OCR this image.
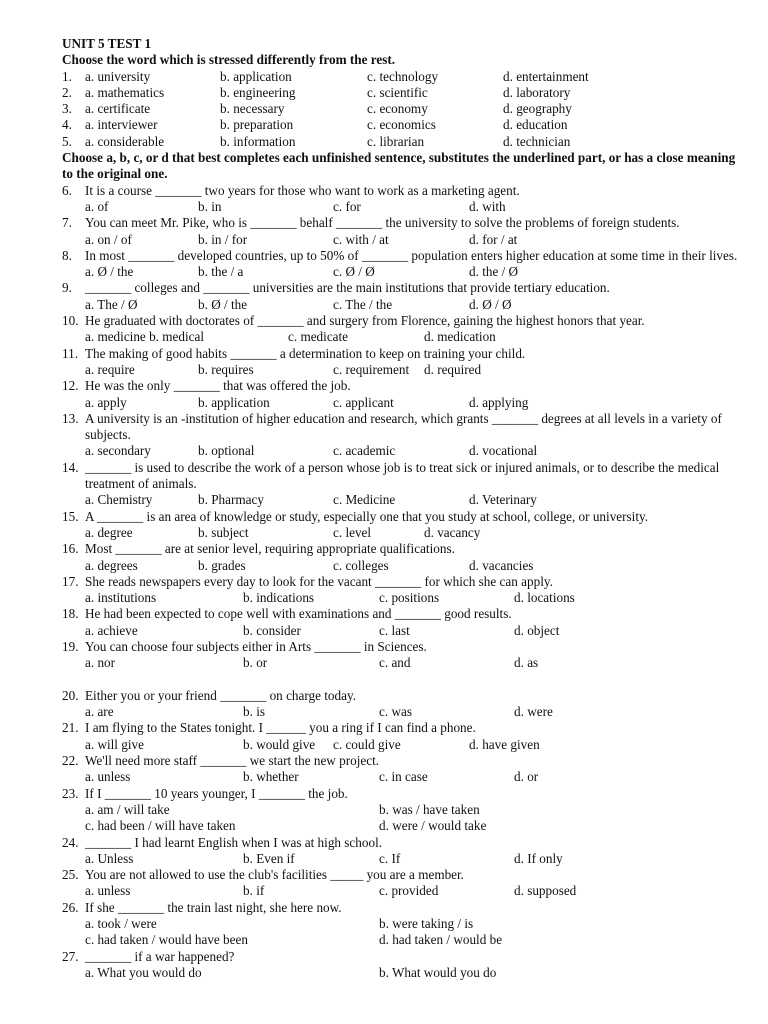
UNIT 5 TEST 1
Choose the word which is stressed differently from the rest.
1. a. university	b. application	c. technology	d. entertainment
2. a. mathematics	b. engineering	c. scientific	d. laboratory
3. a. certificate	b. necessary	c. economy	d. geography
4. a. interviewer	b. preparation	c. economics	d. education
5. a. considerable	b. information	c. librarian	d. technician
Choose a, b, c, or d that best completes each unfinished sentence, substitutes the underlined part, or has a close meaning to the original one.
6. It is a course _______ two years for those who want to work as a marketing agent.
a. of	b. in	c. for	d. with
7. You can meet Mr. Pike, who is _______ behalf _______ the university to solve the problems of foreign students.
a. on / of	b. in / for	c. with / at	d. for / at
8. In most _______ developed countries, up to 50% of _______ population enters higher education at some time in their lives.
a. Ø / the	b. the / a	c. Ø / Ø	d. the / Ø
9. _______ colleges and _______ universities are the main institutions that provide tertiary education.
a. The / Ø	b. Ø / the	c. The / the	d. Ø / Ø
10. He graduated with doctorates of _______ and surgery from Florence, gaining the highest honors that year.
a. medicine b. medical	c. medicate	d. medication
11. The making of good habits _______ a determination to keep on training your child.
a. require	b. requires	c. requirement d. required
12. He was the only _______ that was offered the job.
a. apply	b. application	c. applicant	d. applying
13. A university is an -institution of higher education and research, which grants _______ degrees at all levels in a variety of subjects.
a. secondary	b. optional	c. academic	d. vocational
14. _______ is used to describe the work of a person whose job is to treat sick or injured animals, or to describe the medical treatment of animals.
a. Chemistry	b. Pharmacy	c. Medicine	d. Veterinary
15. A _______ is an area of knowledge or study, especially one that you study at school, college, or university.
a. degree	b. subject	c. level	d. vacancy
16. Most _______ are at senior level, requiring appropriate qualifications.
a. degrees	b. grades	c. colleges	d. vacancies
17. She reads newspapers every day to look for the vacant _______ for which she can apply.
a. institutions	b. indications	c. positions	d. locations
18. He had been expected to cope well with examinations and _______ good results.
a. achieve	b. consider	c. last	d. object
19. You can choose four subjects either in Arts _______ in Sciences.
a. nor	b. or	c. and	d. as
20. Either you or your friend _______ on charge today.
a. are	b. is	c. was	d. were
21. I am flying to the States tonight. I ______ you a ring if I can find a phone.
a. will give	b. would give c. could give	d. have given
22. We'll need more staff _______ we start the new project.
a. unless	b. whether	c. in case	d. or
23. If I _______ 10 years younger, I _______ the job.
a. am / will take	b. was / have taken
c. had been / will have taken	d. were / would take
24. _______ I had learnt English when I was at high school.
a. Unless	b. Even if	c. If	d. If only
25. You are not allowed to use the club's facilities _____ you are a member.
a. unless	b. if	c. provided	d. supposed
26. If she _______ the train last night, she here now.
a. took / were	b. were taking / is
c. had taken / would have been	d. had taken / would be
27. _______ if a war happened?
a. What you would do	b. What would you do
